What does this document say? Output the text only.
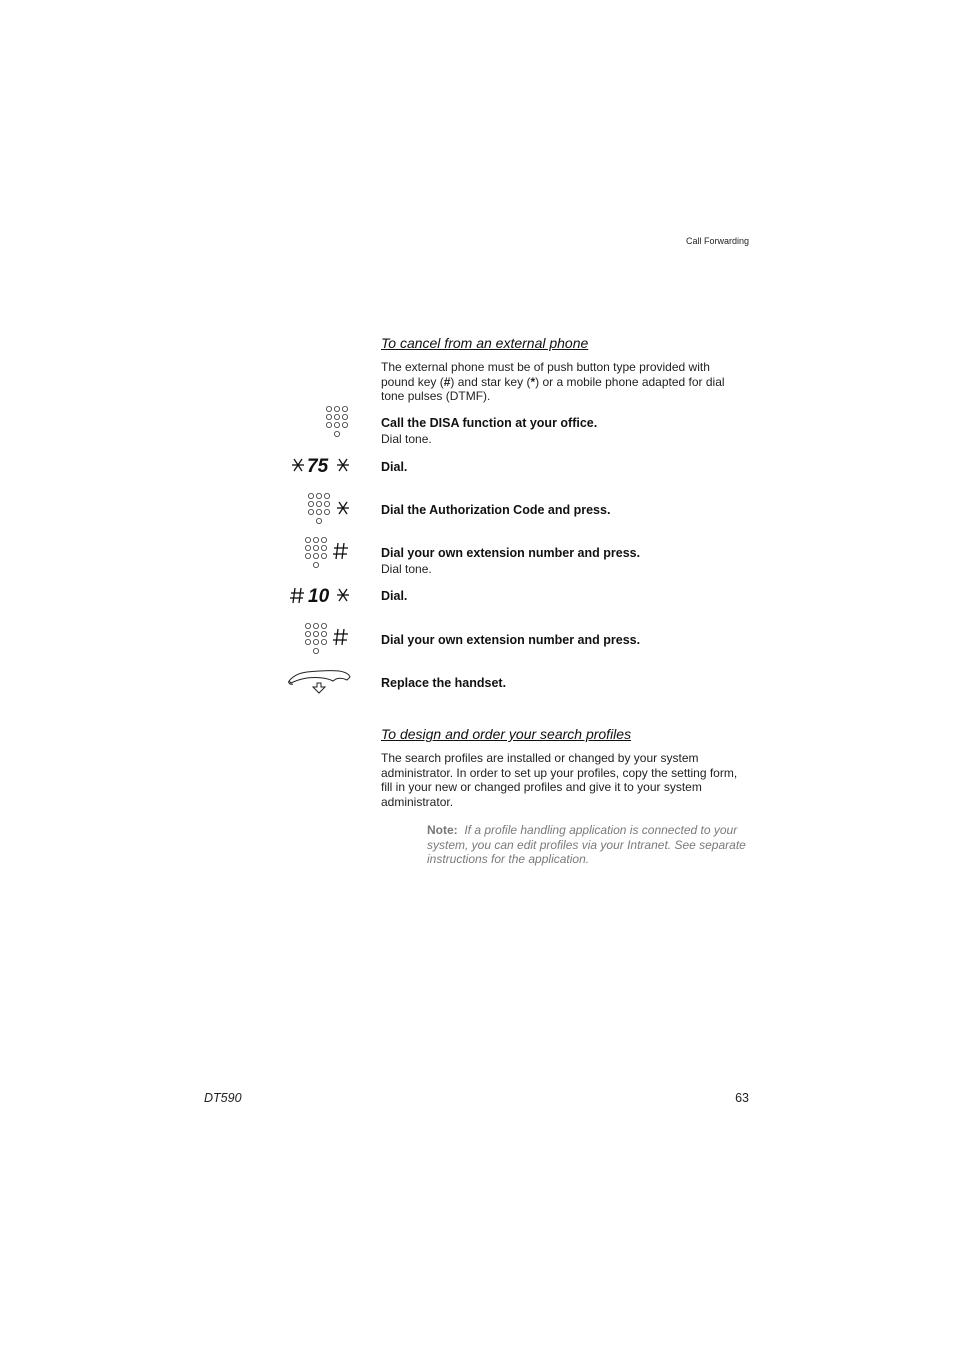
Call Forwarding
To cancel from an external phone
The external phone must be of push button type provided with
pound key (#) and star key (*) or a mobile phone adapted for dial
tone pulses (DTMF).
Call the DISA function at your office.
Dial tone.
75	Dial.
Dial the Authorization Code and press.
Dial your own extension number and press.
Dial tone.
10	Dial.
Dial your own extension number and press.
Replace the handset.
To design and order your search profiles
The search profiles are installed or changed by your system administrator. In order to set up your profiles, copy the setting form, fill in your new or changed profiles and give it to your system administrator.
Note: If a profile handling application is connected to your system, you can edit profiles via your Intranet. See separate instructions for the application.
DT590	63
